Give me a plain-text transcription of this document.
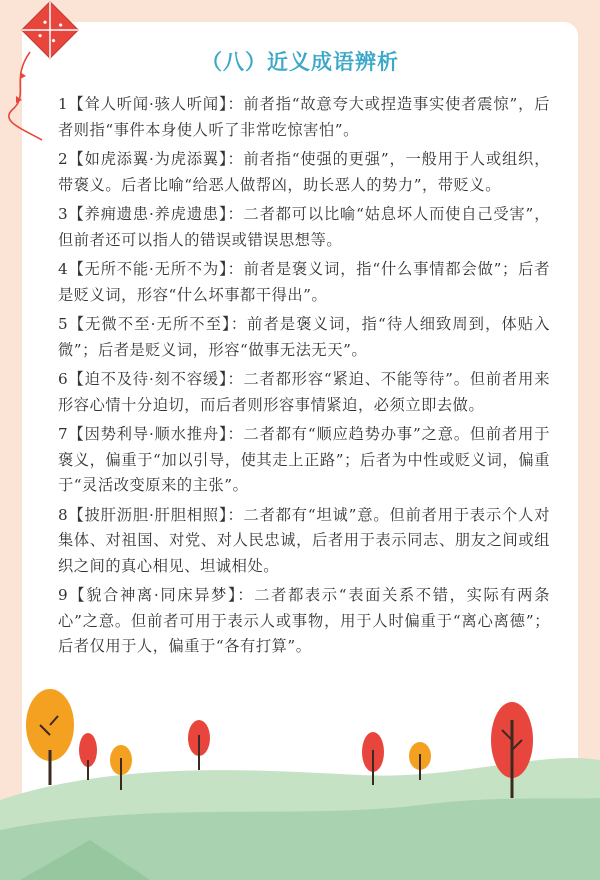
（八）近义成语辨析

1【耸人听闻·骇人听闻】：前者指“故意夸大或捏造事实使者震惊”，后者则指“事件本身使人听了非常吃惊害怕”。

2【如虎添翼·为虎添翼】：前者指“使强的更强”，一般用于人或组织，带褒义。后者比喻“给恶人做帮凶，助长恶人的势力”，带贬义。

3【养痈遗患·养虎遗患】：二者都可以比喻“姑息坏人而使自己受害”，但前者还可以指人的错误或错误思想等。

4【无所不能·无所不为】：前者是褒义词，指“什么事情都会做”；后者是贬义词，形容“什么坏事都干得出”。

5【无微不至·无所不至】：前者是褒义词，指“待人细致周到，体贴入微”；后者是贬义词，形容“做事无法无天”。

6【迫不及待·刻不容缓】：二者都形容“紧迫、不能等待”。但前者用来形容心情十分迫切，而后者则形容事情紧迫，必须立即去做。

7【因势利导·顺水推舟】：二者都有“顺应趋势办事”之意。但前者用于褒义，偏重于“加以引导，使其走上正路”；后者为中性或贬义词，偏重于“灵活改变原来的主张”。

8【披肝沥胆·肝胆相照】：二者都有“坦诚”意。但前者用于表示个人对集体、对祖国、对党、对人民忠诚，后者用于表示同志、朋友之间或组织之间的真心相见、坦诚相处。

9【貌合神离·同床异梦】：二者都表示“表面关系不错，实际有两条心”之意。但前者可用于表示人或事物，用于人时偏重于“离心离德”；后者仅用于人，偏重于“各有打算”。
